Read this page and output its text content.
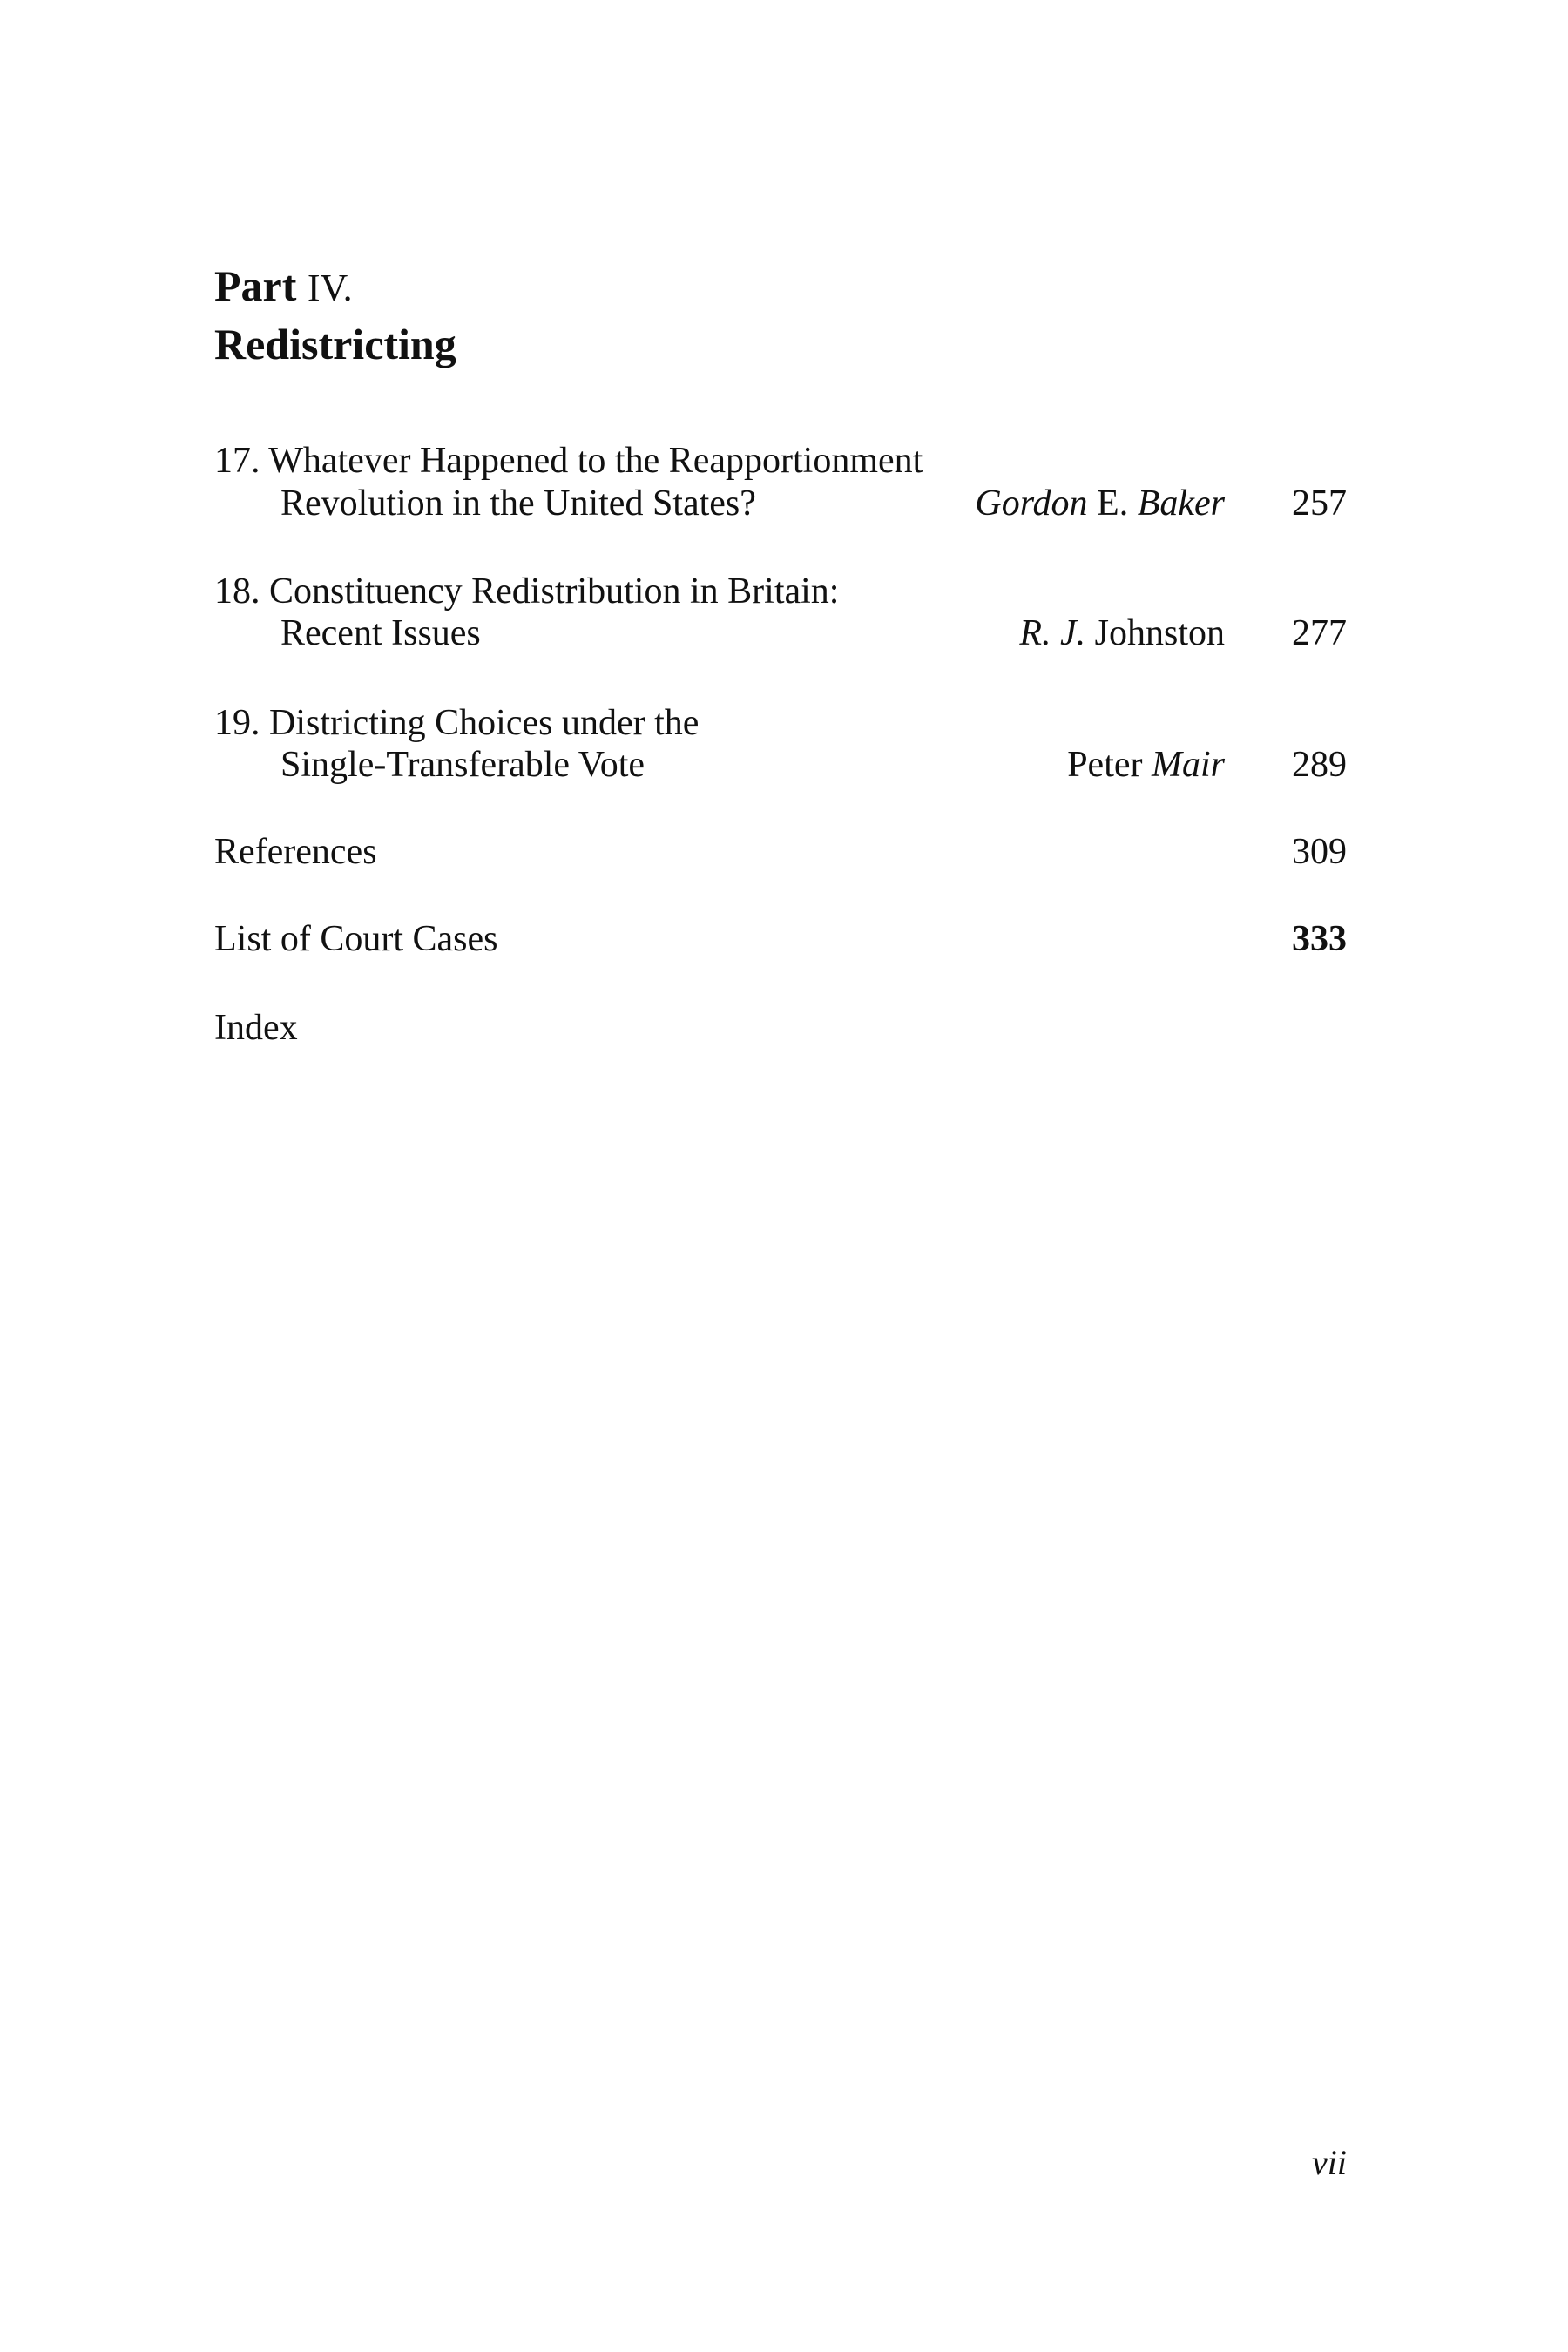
Part IV.
Redistricting
17. Whatever Happened to the Reapportionment
Revolution in the United States?	Gordon E. Baker 257
18. Constituency Redistribution in Britain:
Recent Issues	R. J. Johnston 277
19. Districting Choices under the
Single-Transferable Vote	Peter Mair 289
References	309
List of Court Cases	333
Index
vii
